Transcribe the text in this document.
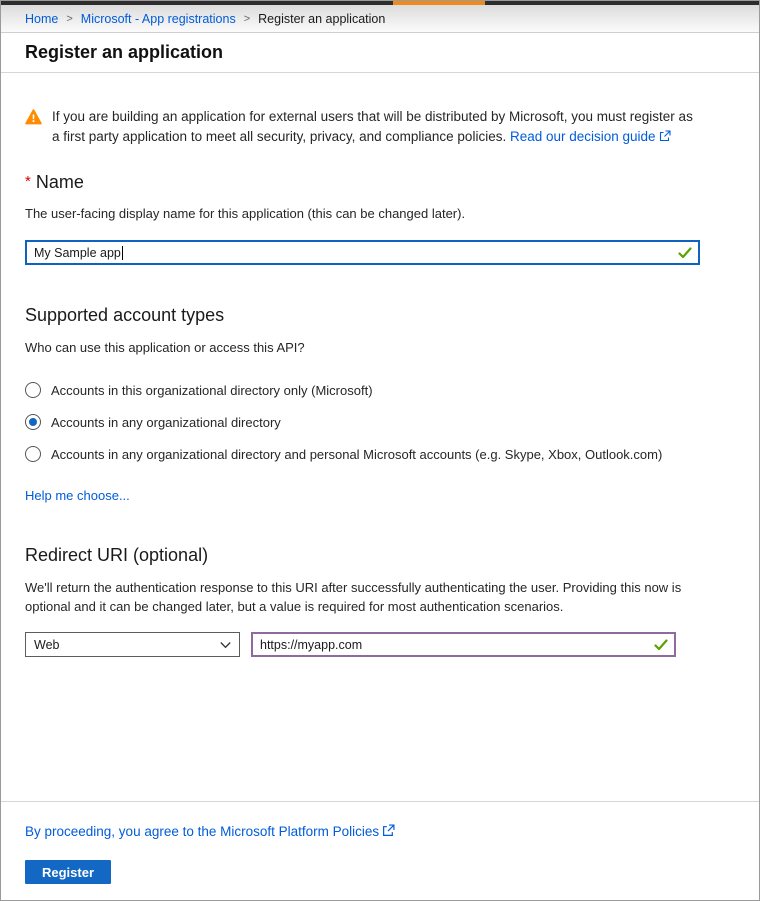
Home > Microsoft - App registrations > Register an application
Register an application
If you are building an application for external users that will be distributed by Microsoft, you must register as a first party application to meet all security, privacy, and compliance policies. Read our decision guide
* Name
The user-facing display name for this application (this can be changed later).
My Sample app
Supported account types
Who can use this application or access this API?
Accounts in this organizational directory only (Microsoft)
Accounts in any organizational directory
Accounts in any organizational directory and personal Microsoft accounts (e.g. Skype, Xbox, Outlook.com)
Help me choose...
Redirect URI (optional)
We'll return the authentication response to this URI after successfully authenticating the user. Providing this now is optional and it can be changed later, but a value is required for most authentication scenarios.
Web	https://myapp.com
By proceeding, you agree to the Microsoft Platform Policies
Register
